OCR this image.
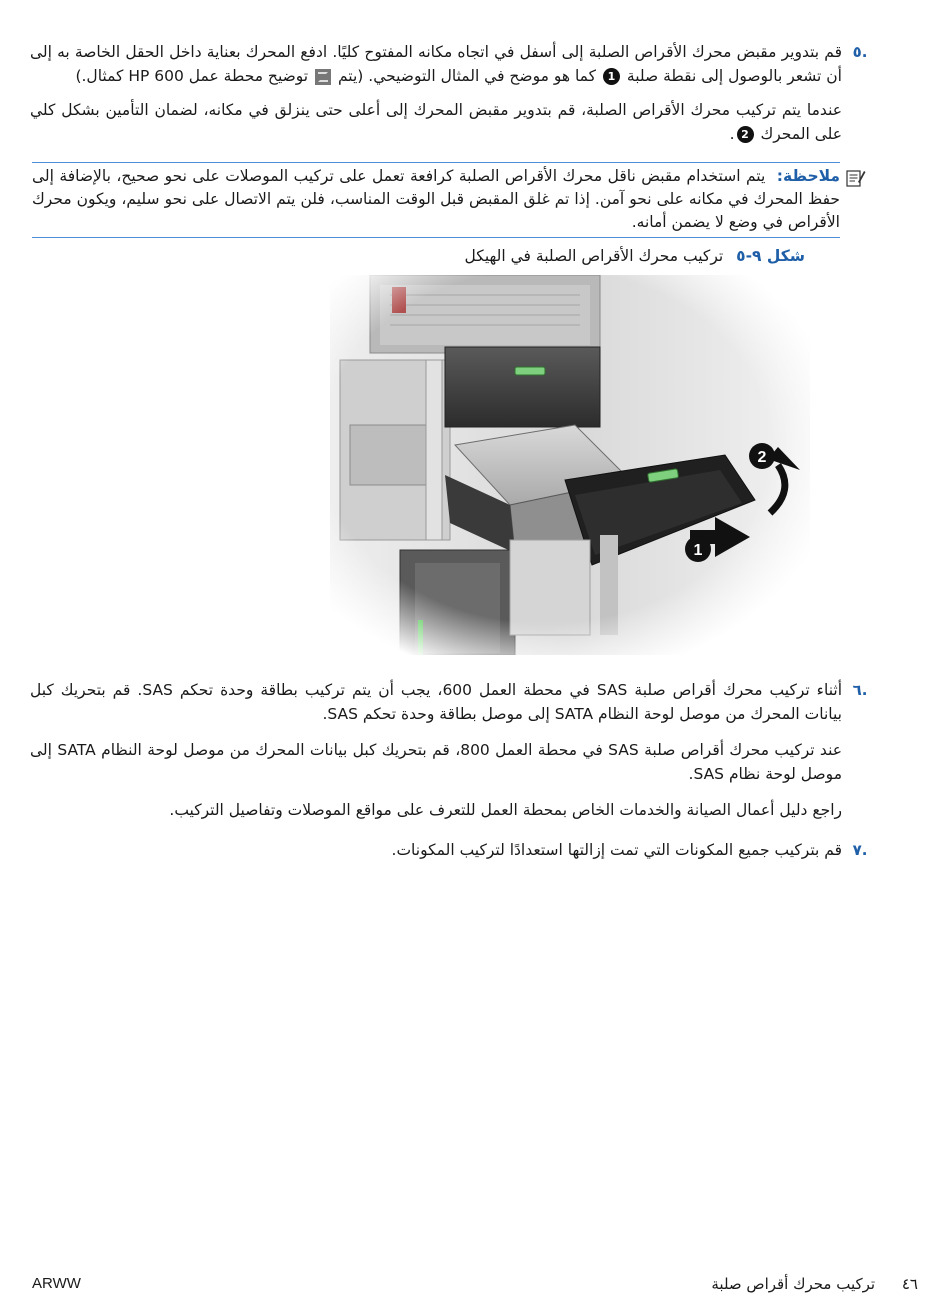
.٥

قم بتدوير مقبض محرك الأقراص الصلبة إلى أسفل في اتجاه مكانه المفتوح كليًا. ادفع المحرك بعناية داخل الحقل الخاصة به إلى أن تشعر بالوصول إلى نقطة صلبة 1 كما هو موضح في المثال التوضيحي. (يتم  توضيح محطة عمل HP 600 كمثال.)

عندما يتم تركيب محرك الأقراص الصلبة، قم بتدوير مقبض المحرك إلى أعلى حتى ينزلق في مكانه، لضمان التأمين بشكل كلي على المحرك 2.

ملاحظة: يتم استخدام مقبض ناقل محرك الأقراص الصلبة كرافعة تعمل على تركيب الموصلات على نحو صحيح، بالإضافة إلى حفظ المحرك في مكانه على نحو آمن. إذا تم غلق المقبض قبل الوقت المناسب، فلن يتم الاتصال على نحو سليم، ويكون محرك الأقراص في وضع لا يضمن أمانه.
شكل ٩-٥ تركيب محرك الأقراص الصلبة في الهيكل
1
2
.٦

أثناء تركيب محرك أقراص صلبة SAS في محطة العمل 600، يجب أن يتم تركيب بطاقة وحدة تحكم SAS. قم بتحريك كبل بيانات المحرك من موصل لوحة النظام SATA إلى موصل بطاقة وحدة تحكم SAS.

عند تركيب محرك أقراص صلبة SAS في محطة العمل 800، قم بتحريك كبل بيانات المحرك من موصل لوحة النظام SATA إلى موصل لوحة نظام SAS.

راجع دليل أعمال الصيانة والخدمات الخاص بمحطة العمل للتعرف على مواقع الموصلات وتفاصيل التركيب.

.٧

قم بتركيب جميع المكونات التي تمت إزالتها استعدادًا لتركيب المكونات.

ARWW	٤٦ تركيب محرك أقراص صلبة
